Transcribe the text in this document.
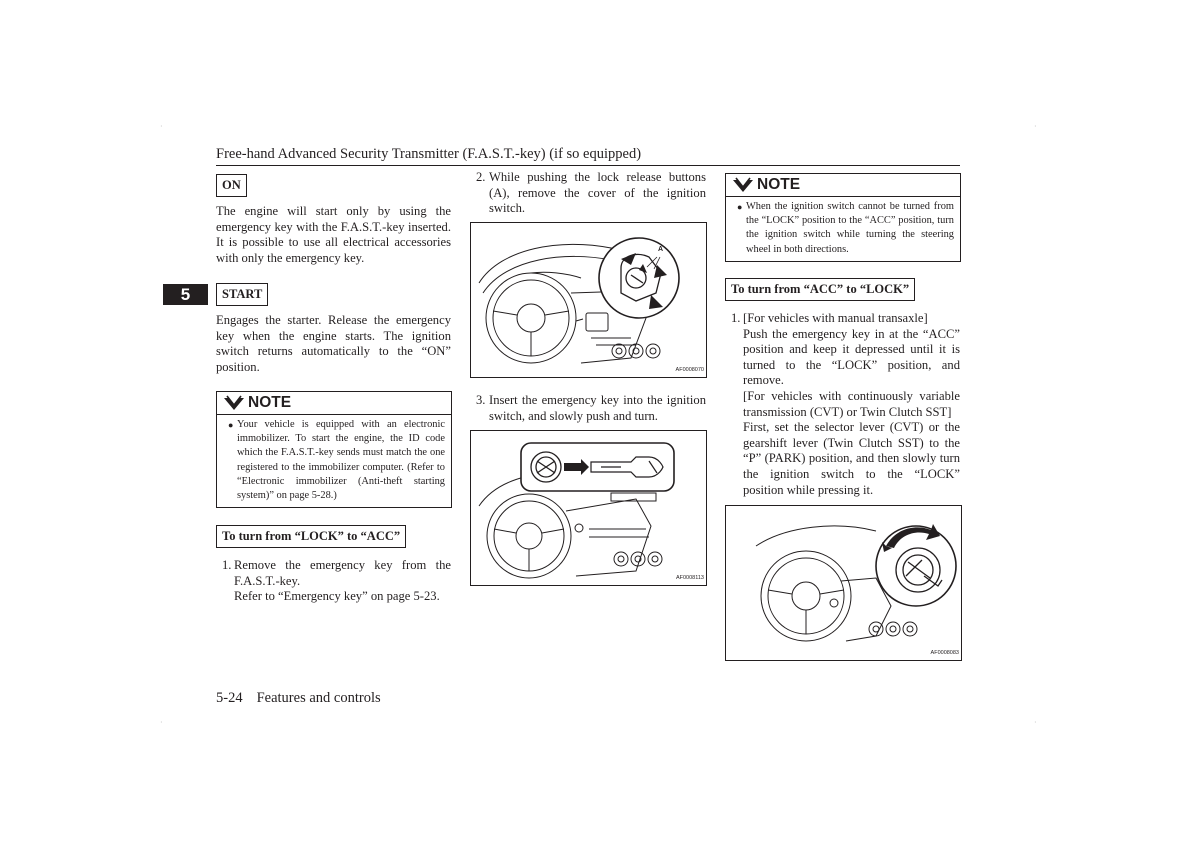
·	·
·	·
Free-hand Advanced Security Transmitter (F.A.S.T.-key) (if so equipped)
5
ON
The engine will start only by using the emergency key with the F.A.S.T.-key inserted. It is possible to use all electrical accessories with only the emergency key.
START
Engages the starter. Release the emergency key when the engine starts. The ignition switch returns automatically to the “ON” position.
NOTE
● Your vehicle is equipped with an electronic immobilizer. To start the engine, the ID code which the F.A.S.T.-key sends must match the one registered to the immobilizer computer. (Refer to “Electronic immobilizer (Anti-theft starting system)” on page 5-28.)
To turn from “LOCK” to “ACC”
1. Remove the emergency key from the F.A.S.T.-key.
Refer to “Emergency key” on page 5-23.
2. While pushing the lock release buttons (A), remove the cover of the ignition switch.
A
AF0008070
3. Insert the emergency key into the ignition switch, and slowly push and turn.
AF0008113
NOTE
● When the ignition switch cannot be turned from the “LOCK” position to the “ACC” position, turn the ignition switch while turning the steering wheel in both directions.
To turn from “ACC” to “LOCK”
1. [For vehicles with manual transaxle]
Push the emergency key in at the “ACC” position and keep it depressed until it is turned to the “LOCK” position, and remove.
[For vehicles with continuously variable transmission (CVT) or Twin Clutch SST]
First, set the selector lever (CVT) or the gearshift lever (Twin Clutch SST) to the “P” (PARK) position, and then slowly turn the ignition switch to the “LOCK” position while pressing it.
AF0008083
5-24 Features and controls
